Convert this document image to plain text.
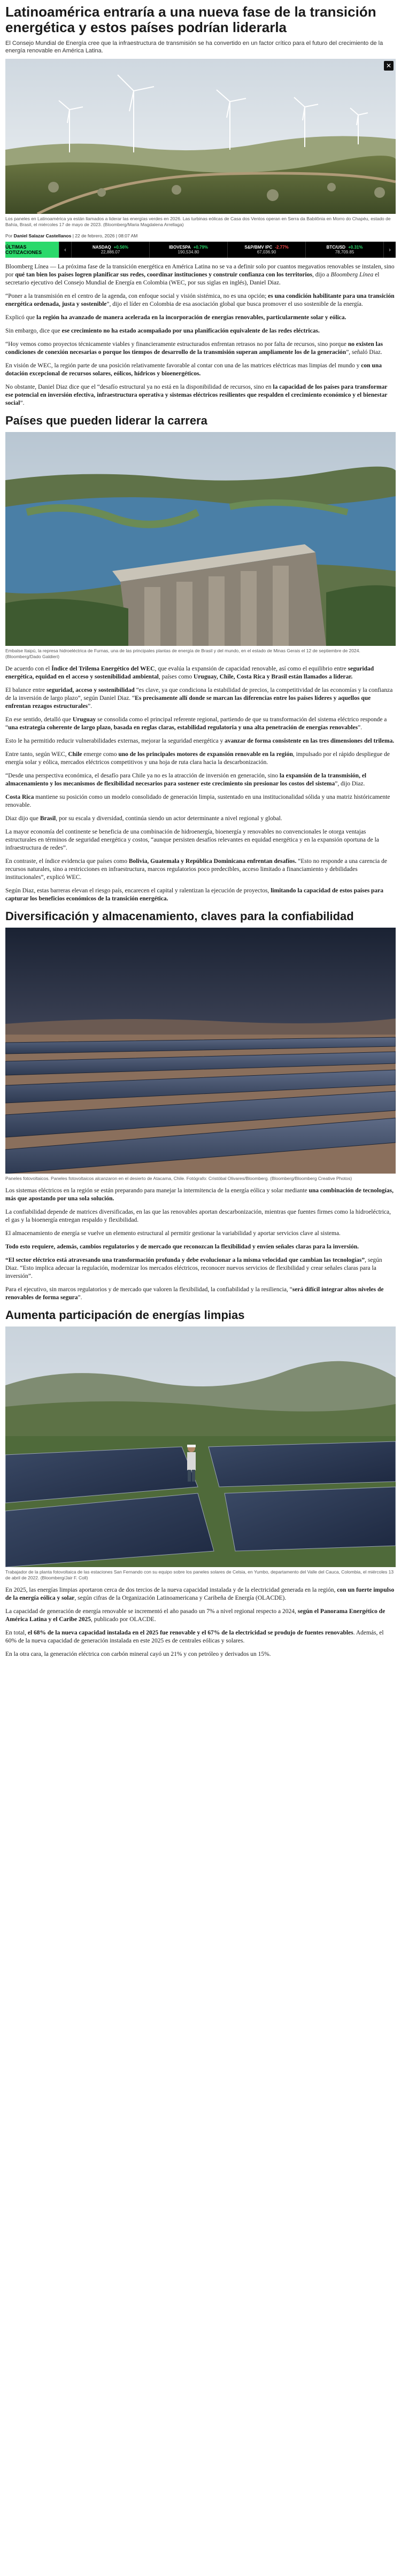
Latinoamérica entraría a una nueva fase de la transición energética y estos países podrían liderarla
El Consejo Mundial de Energía cree que la infraestructura de transmisión se ha convertido en un factor crítico para el futuro del crecimiento de la energía renovable en América Latina.
✕
Los paneles en Latinoamérica ya están llamados a liderar las energías verdes en 2026. Las turbinas eólicas de Casa dos Ventos operan en Serra da Babilônia en Morro do Chapéu, estado de Bahía, Brasil, el miércoles 17 de mayo de 2023. (Bloomberg/Maria Magdalena Arrellaga)
Por Daniel Salazar Castellanos | 22 de febrero, 2026 | 08:07 AM
ÚLTIMAS COTIZACIONES	‹	NASDAQ +0.56%
22,886.07
IBOVESPA +0.79%
190,534.80
S&P/BMV IPC -2.77%
67,036.90
BTC/USD +0.31%
78,709.85	›

Bloomberg Línea — La próxima fase de la transición energética en América Latina no se va a definir solo por cuantos megavatios renovables se instalen, sino por qué tan bien los países logren planificar sus redes, coordinar instituciones y construir confianza con los territorios, dijo a Bloomberg Línea el secretario ejecutivo del Consejo Mundial de Energía en Colombia (WEC, por sus siglas en inglés), Daniel Diaz.

“Poner a la transmisión en el centro de la agenda, con enfoque social y visión sistémica, no es una opción; es una condición habilitante para una transición energética ordenada, justa y sostenible”, dijo el líder en Colombia de esa asociación global que busca promover el uso sostenible de la energía.

Explicó que la región ha avanzado de manera acelerada en la incorporación de energías renovables, particularmente solar y eólica.

Sin embargo, dice que ese crecimiento no ha estado acompañado por una planificación equivalente de las redes eléctricas.

“Hoy vemos como proyectos técnicamente viables y financieramente estructurados enfrentan retrasos no por falta de recursos, sino porque no existen las condiciones de conexión necesarias o porque los tiempos de desarrollo de la transmisión superan ampliamente los de la generación”, señaló Diaz.

En visión de WEC, la región parte de una posición relativamente favorable al contar con una de las matrices eléctricas mas limpias del mundo y con una dotación excepcional de recursos solares, eólicos, hídricos y bioenergéticos.

No obstante, Daniel Diaz dice que el “desafío estructural ya no está en la disponibilidad de recursos, sino en la capacidad de los países para transformar ese potencial en inversión efectiva, infraestructura operativa y sistemas eléctricos resilientes que respalden el crecimiento económico y el bienestar social”.

Países que pueden liderar la carrera
Embalse Itaipú, la represa hidroeléctrica de Furnas, una de las principales plantas de energía de Brasil y del mundo, en el estado de Minas Gerais el 12 de septiembre de 2024. (Bloomberg/Dado Galdieri)

De acuerdo con el Índice del Trilema Energético del WEC, que evalúa la expansión de capacidad renovable, así como el equilibrio entre seguridad energética, equidad en el acceso y sostenibilidad ambiental, países como Uruguay, Chile, Costa Rica y Brasil están llamados a liderar.

El balance entre seguridad, acceso y sostenibilidad “es clave, ya que condiciona la estabilidad de precios, la competitividad de las economías y la confianza de la inversión de largo plazo”, según Daniel Diaz. “Es precisamente allí donde se marcan las diferencias entre los países líderes y aquellos que enfrentan rezagos estructurales”.

En ese sentido, detalló que Uruguay se consolida como el principal referente regional, partiendo de que su transformación del sistema eléctrico responde a “una estrategia coherente de largo plazo, basada en reglas claras, estabilidad regulatoria y una alta penetración de energías renovables”.

Esto le ha permitido reducir vulnerabilidades externas, mejorar la seguridad energética y avanzar de forma consistente en las tres dimensiones del trilema.

Entre tanto, según WEC, Chile emerge como uno de los principales motores de expansión renovable en la región, impulsado por el rápido despliegue de energía solar y eólica, mercados eléctricos competitivos y una hoja de ruta clara hacia la descarbonización.

“Desde una perspectiva económica, el desafío para Chile ya no es la atracción de inversión en generación, sino la expansión de la transmisión, el almacenamiento y los mecanismos de flexibilidad necesarios para sostener este crecimiento sin presionar los costos del sistema”, dijo Diaz.

Costa Rica mantiene su posición como un modelo consolidado de generación limpia, sustentado en una institucionalidad sólida y una matriz históricamente renovable.

Diaz dijo que Brasil, por su escala y diversidad, continúa siendo un actor determinante a nivel regional y global.

La mayor economía del continente se beneficia de una combinación de hidroenergía, bioenergía y renovables no convencionales le otorga ventajas estructurales en términos de seguridad energética y costos, “aunque persisten desafíos relevantes en equidad energética y en la expansión oportuna de la infraestructura de redes”.

En contraste, el índice evidencia que países como Bolivia, Guatemala y República Dominicana enfrentan desafíos. “Esto no responde a una carencia de recursos naturales, sino a restricciones en infraestructura, marcos regulatorios poco predecibles, acceso limitado a financiamiento y debilidades institucionales”, explicó WEC.

Según Diaz, estas barreras elevan el riesgo país, encarecen el capital y ralentizan la ejecución de proyectos, limitando la capacidad de estos países para capturar los beneficios económicos de la transición energética.

Diversificación y almacenamiento, claves para la confiabilidad
Paneles fotovoltaicos. Paneles fotovoltaicos alcanzaron en el desierto de Atacama, Chile. Fotógrafo: Cristóbal Olivares/Bloomberg. (Bloomberg/Bloomberg Creative Photos)

Los sistemas eléctricos en la región se están preparando para manejar la intermitencia de la energía eólica y solar mediante una combinación de tecnologías, más que apostando por una sola solución.

La confiabilidad depende de matrices diversificadas, en las que las renovables aportan descarbonización, mientras que fuentes firmes como la hidroeléctrica, el gas y la bioenergía entregan respaldo y flexibilidad.

El almacenamiento de energía se vuelve un elemento estructural al permitir gestionar la variabilidad y aportar servicios clave al sistema.

Todo esto requiere, además, cambios regulatorios y de mercado que reconozcan la flexibilidad y envíen señales claras para la inversión.

“El sector eléctrico está atravesando una transformación profunda y debe evolucionar a la misma velocidad que cambian las tecnologías”, según Diaz. “Esto implica adecuar la regulación, modernizar los mercados eléctricos, reconocer nuevos servicios de flexibilidad y crear señales claras para la inversión”.

Para el ejecutivo, sin marcos regulatorios y de mercado que valoren la flexibilidad, la confiabilidad y la resiliencia, “será difícil integrar altos niveles de renovables de forma segura”.

Aumenta participación de energías limpias
Trabajador de la planta fotovoltaica de las estaciones San Fernando con su equipo sobre los paneles solares de Celsia, en Yumbo, departamento del Valle del Cauca, Colombia, el miércoles 13 de abril de 2022. (Bloomberg/Jair F. Coll)

En 2025, las energías limpias aportaron cerca de dos tercios de la nueva capacidad instalada y de la electricidad generada en la región, con un fuerte impulso de la energía eólica y solar, según cifras de la Organización Latinoamericana y Caribeña de Energía (OLACDE).

La capacidad de generación de energía renovable se incrementó el año pasado un 7% a nivel regional respecto a 2024, según el Panorama Energético de América Latina y el Caribe 2025, publicado por OLACDE.

En total, el 68% de la nueva capacidad instalada en el 2025 fue renovable y el 67% de la electricidad se produjo de fuentes renovables. Además, el 60% de la nueva capacidad de generación instalada en este 2025 es de centrales eólicas y solares.

En la otra cara, la generación eléctrica con carbón mineral cayó un 21% y con petróleo y derivados un 15%.
